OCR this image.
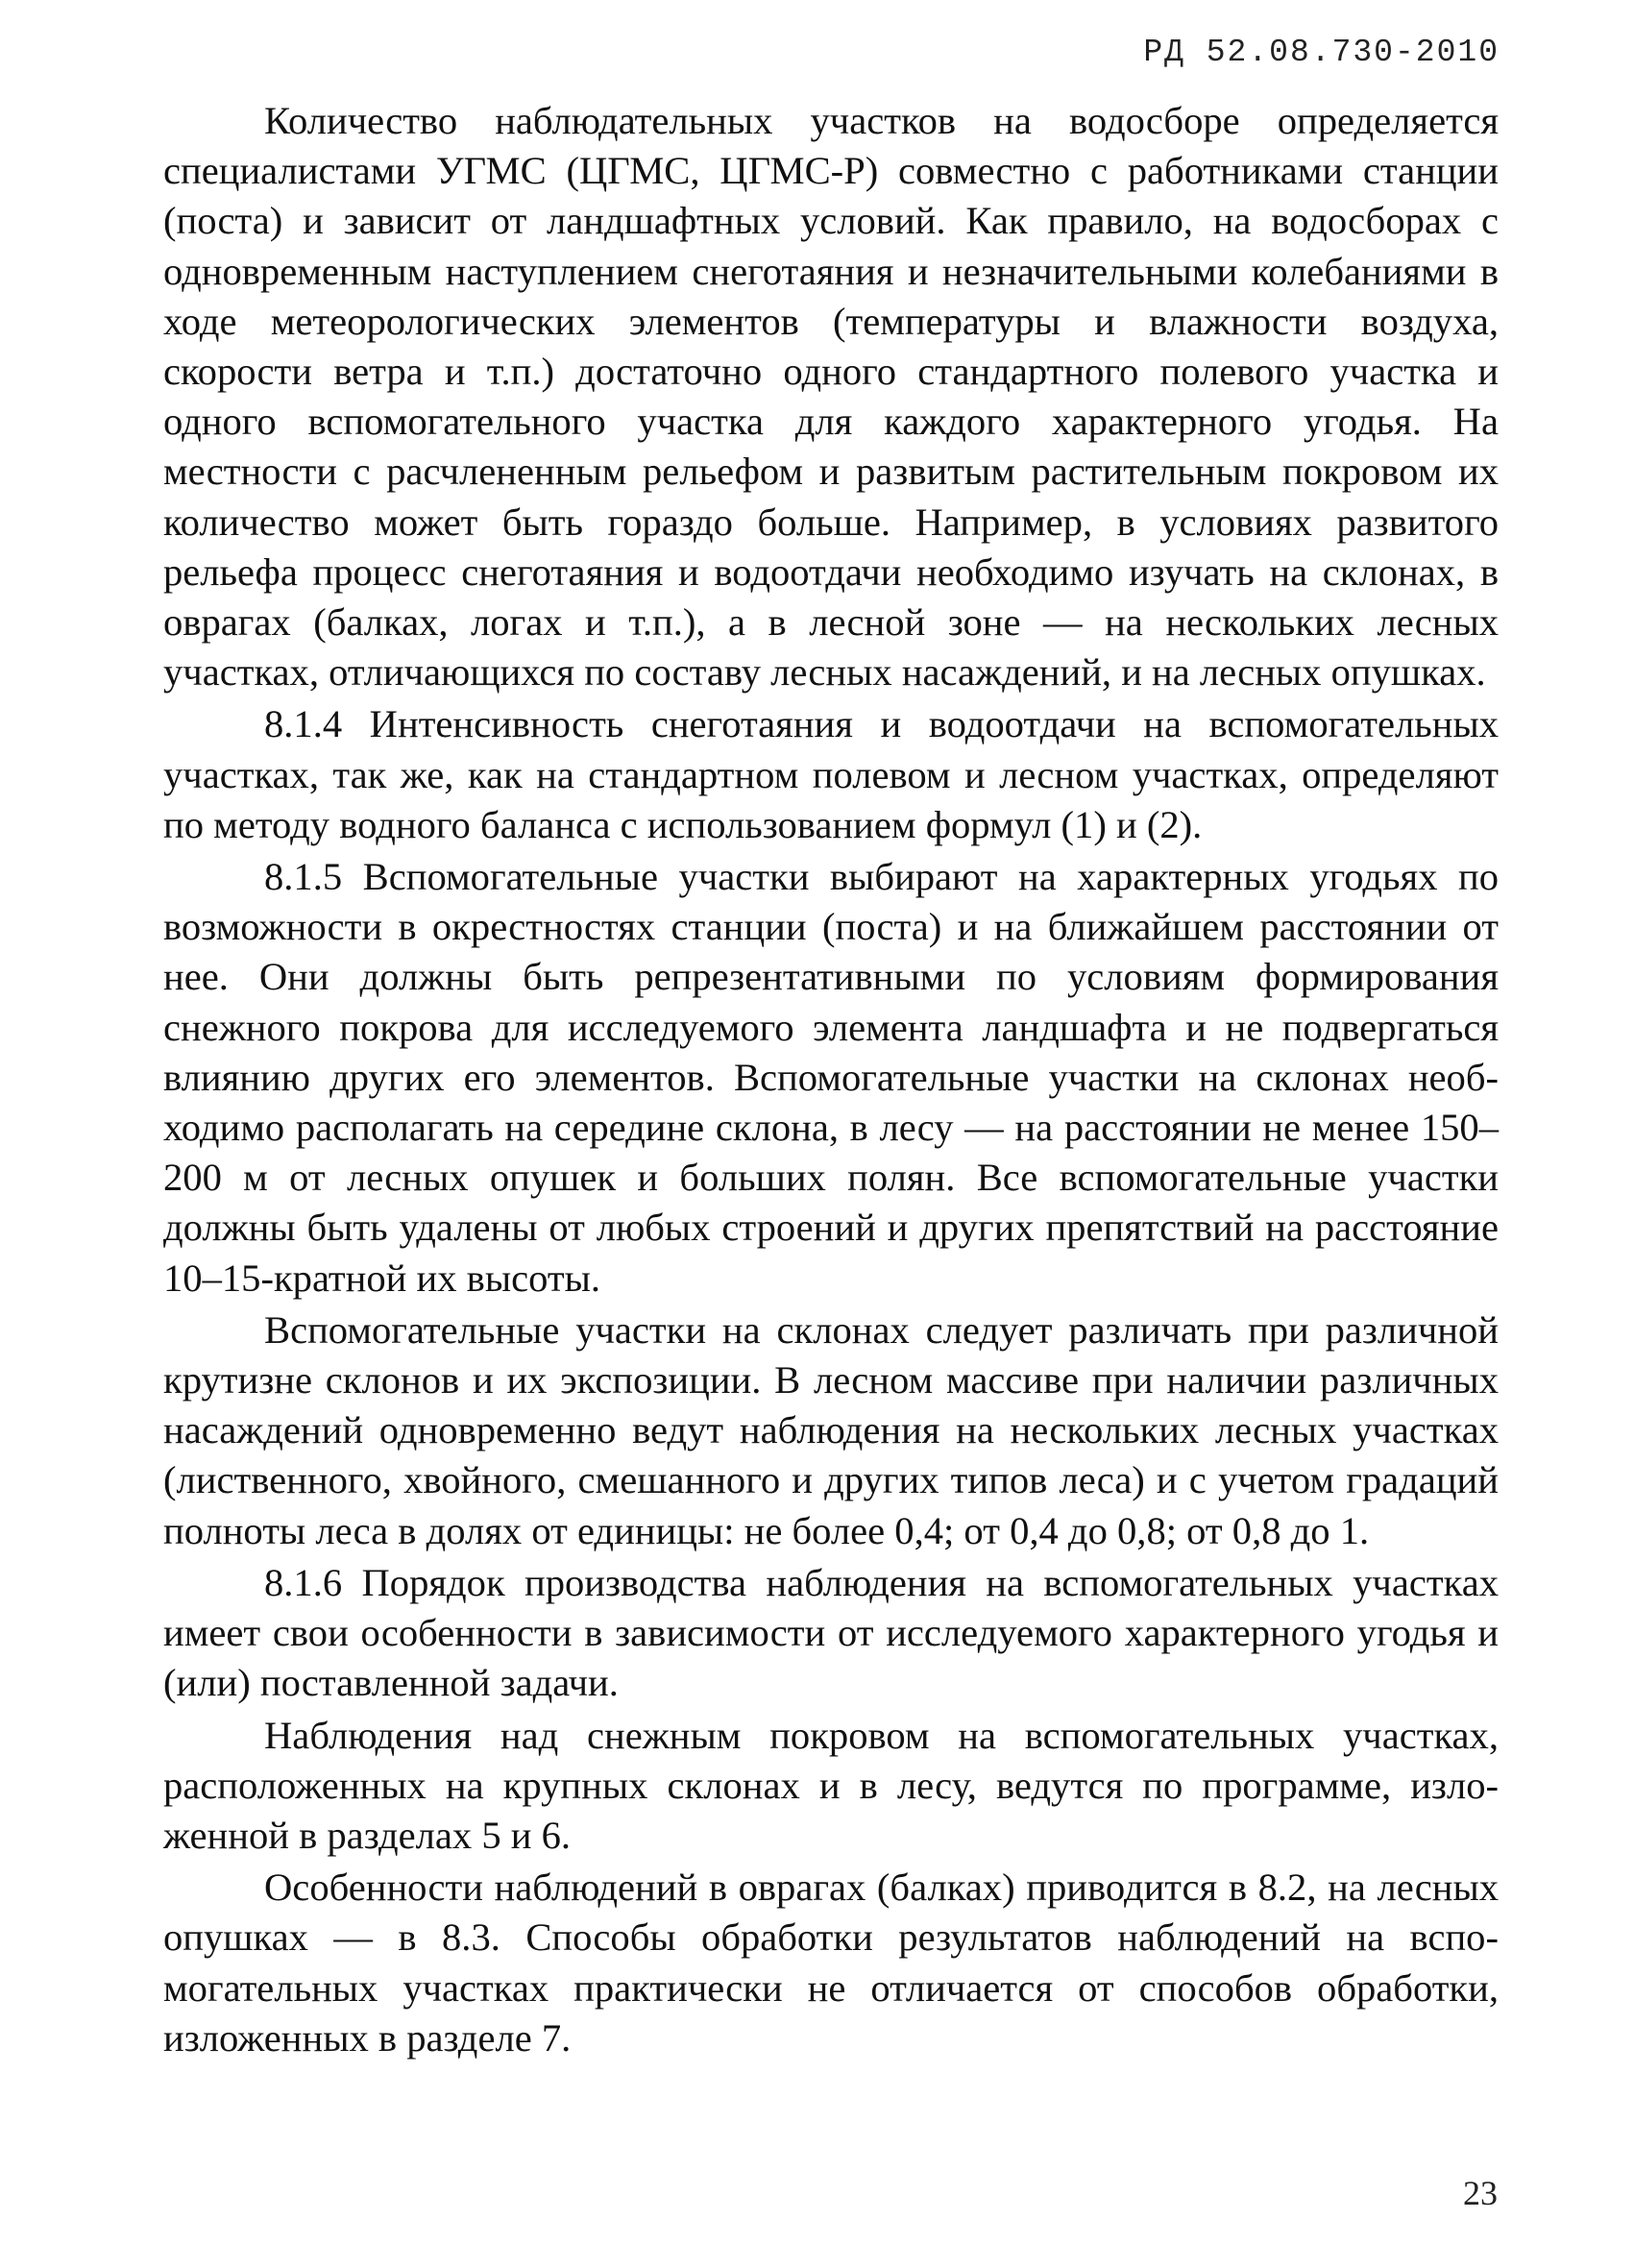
РД 52.08.730-2010

Количество наблюдательных участков на водосборе определяется специалистами УГМС (ЦГМС, ЦГМС-Р) совместно с работниками станции (поста) и зависит от ландшафтных условий. Как правило, на водосборах с одновременным наступлением снеготаяния и незначительными колебаниями в ходе метеорологических элементов (температуры и влажности воздуха, скорости ветра и т.п.) достаточно одного стандартного полевого участка и одного вспомогательного участка для каждого характерного угодья. На местности с расчлененным рельефом и развитым растительным покровом их количество может быть гораздо больше. Например, в условиях развитого рельефа процесс снеготаяния и водоотдачи необходимо изучать на склонах, в оврагах (балках, логах и т.п.), а в лесной зоне — на нескольких лесных участках, отличающихся по составу лесных насаждений, и на лесных опушках.

8.1.4 Интенсивность снеготаяния и водоотдачи на вспомогательных участках, так же, как на стандартном полевом и лесном участках, определяют по методу водного баланса с использованием формул (1) и (2).

8.1.5 Вспомогательные участки выбирают на характерных угодьях по возможности в окрестностях станции (поста) и на ближайшем расстоянии от нее. Они должны быть репрезентативными по условиям формирования снежного покрова для исследуемого элемента ландшафта и не подвергаться влиянию других его элементов. Вспомогательные участки на склонах необходимо располагать на середине склона, в лесу — на расстоянии не менее 150–200 м от лесных опушек и больших полян. Все вспомогательные участки должны быть удалены от любых строений и других препятствий на расстояние 10–15-кратной их высоты.

Вспомогательные участки на склонах следует различать при различной крутизне склонов и их экспозиции. В лесном массиве при наличии различных насаждений одновременно ведут наблюдения на нескольких лесных участках (лиственного, хвойного, смешанного и других типов леса) и с учетом градаций полноты леса в долях от единицы: не более 0,4; от 0,4 до 0,8; от 0,8 до 1.

8.1.6 Порядок производства наблюдения на вспомогательных участках имеет свои особенности в зависимости от исследуемого характерного угодья и (или) поставленной задачи.

Наблюдения над снежным покровом на вспомогательных участках, расположенных на крупных склонах и в лесу, ведутся по программе, изложенной в разделах 5 и 6.

Особенности наблюдений в оврагах (балках) приводится в 8.2, на лесных опушках — в 8.3. Способы обработки результатов наблюдений на вспомогательных участках практически не отличается от способов обработки, изложенных в разделе 7.

23
